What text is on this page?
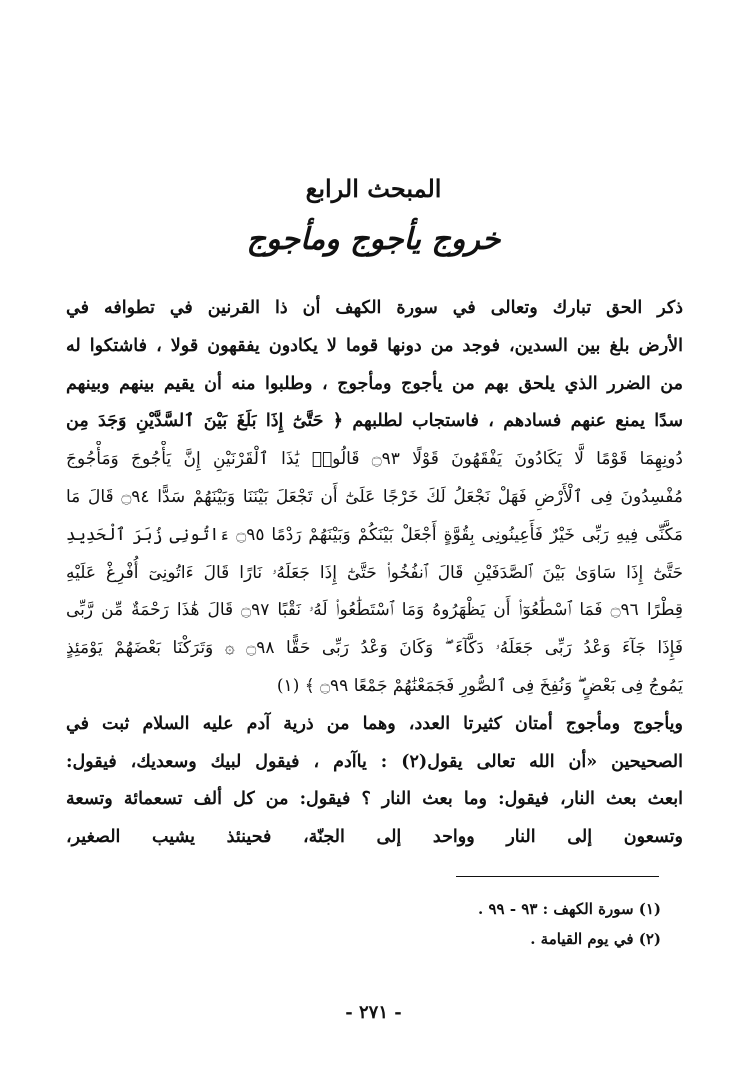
المبحث الرابع
خروج يأجوج ومأجوج
ذكر الحق تبارك وتعالى في سورة الكهف أن ذا القرنين في تطوافه في
الأرض بلغ بين السدين، فوجد من دونها قوما لا يكادون يفقهون قولا ، فاشتكوا له
من الضرر الذي يلحق بهم من يأجوج ومأجوج ، وطلبوا منه أن يقيم بينهم وبينهم
سدًا يمنع عنهم فسادهم ، فاستجاب لطلبهم ﴿ حَتَّىٰٓ إِذَا بَلَغَ بَيْنَ ٱلسَّدَّيْنِ وَجَدَ مِن
دُونِهِمَا قَوْمًا لَّا يَكَادُونَ يَفْقَهُونَ قَوْلًا ۝٩٣ قَالُوا۟ يَٰذَا ٱلْقَرْنَيْنِ إِنَّ يَأْجُوجَ وَمَأْجُوجَ
مُفْسِدُونَ فِى ٱلْأَرْضِ فَهَلْ نَجْعَلُ لَكَ خَرْجًا عَلَىٰٓ أَن تَجْعَلَ بَيْنَنَا وَبَيْنَهُمْ سَدًّا ۝٩٤ قَالَ مَا
مَكَّنِّى فِيهِ رَبِّى خَيْرٌ فَأَعِينُونِى بِقُوَّةٍ أَجْعَلْ بَيْنَكُمْ وَبَيْنَهُمْ رَدْمًا ۝٩٥ ءَاتُونِى زُبَرَ ٱلْحَدِيدِ
حَتَّىٰٓ إِذَا سَاوَىٰ بَيْنَ ٱلصَّدَفَيْنِ قَالَ ٱنفُخُوا۟ حَتَّىٰٓ إِذَا جَعَلَهُۥ نَارًا قَالَ ءَاتُونِىٓ أُفْرِغْ عَلَيْهِ
قِطْرًا ۝٩٦ فَمَا ٱسْطَٰعُوٓا۟ أَن يَظْهَرُوهُ وَمَا ٱسْتَطَٰعُوا۟ لَهُۥ نَقْبًا ۝٩٧ قَالَ هَٰذَا رَحْمَةٌ مِّن رَّبِّى
فَإِذَا جَآءَ وَعْدُ رَبِّى جَعَلَهُۥ دَكَّآءَ ۖ وَكَانَ وَعْدُ رَبِّى حَقًّا ۝٩٨ ۞ وَتَرَكْنَا بَعْضَهُمْ يَوْمَئِذٍ
يَمُوجُ فِى بَعْضٍ ۖ وَنُفِخَ فِى ٱلصُّورِ فَجَمَعْنَٰهُمْ جَمْعًا ۝٩٩ ﴾ (١)
ويأجوج ومأجوج أمتان كثيرتا العدد، وهما من ذرية آدم عليه السلام ثبت في
الصحيحين «أن الله تعالى يقول(٢) : ياآدم ، فيقول لبيك وسعديك، فيقول:
ابعث بعث النار، فيقول: وما بعث النار ؟ فيقول: من كل ألف تسعمائة وتسعة
وتسعون إلى النار وواحد إلى الجنّة، فحينئذ يشيب الصغير،
(١) سورة الكهف : ٩٣ - ٩٩ .
(٢) في يوم القيامة .
- ٢٧١ -
